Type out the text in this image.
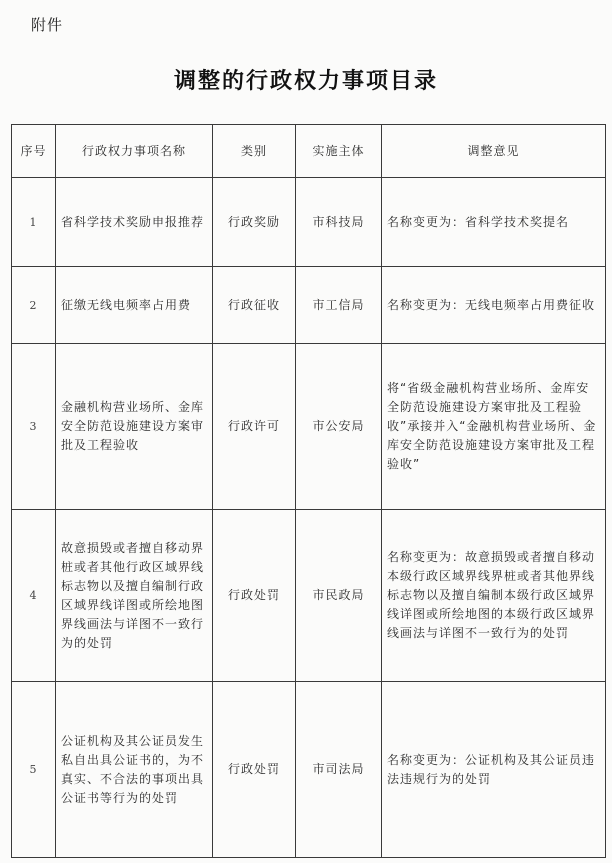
附件
调整的行政权力事项目录
序号	行政权力事项名称	类别	实施主体	调整意见
1	省科学技术奖励申报推荐	行政奖励	市科技局	名称变更为：省科学技术奖提名
2	征缴无线电频率占用费	行政征收	市工信局	名称变更为：无线电频率占用费征收
3	金融机构营业场所、金库安全防范设施建设方案审批及工程验收	行政许可	市公安局	将“省级金融机构营业场所、金库安全防范设施建设方案审批及工程验收”承接并入“金融机构营业场所、金库安全防范设施建设方案审批及工程验收”
4	故意损毁或者擅自移动界桩或者其他行政区域界线标志物以及擅自编制行政区域界线详图或所绘地图界线画法与详图不一致行为的处罚	行政处罚	市民政局	名称变更为：故意损毁或者擅自移动本级行政区域界线界桩或者其他界线标志物以及擅自编制本级行政区域界线详图或所绘地图的本级行政区域界线画法与详图不一致行为的处罚
5	公证机构及其公证员发生私自出具公证书的，为不真实、不合法的事项出具公证书等行为的处罚	行政处罚	市司法局	名称变更为：公证机构及其公证员违法违规行为的处罚
